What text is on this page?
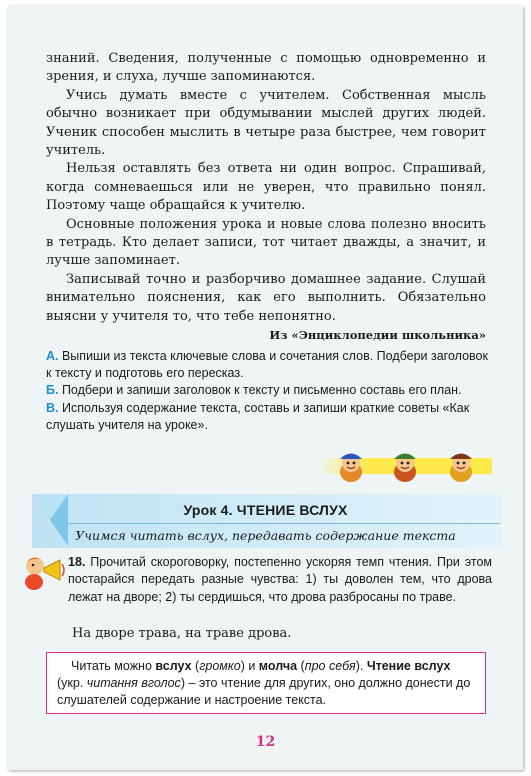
знаний. Сведения, полученные с помощью одновременно и зрения, и слуха, лучше запоминаются.

Учись думать вместе с учителем. Собственная мысль обычно возникает при обдумывании мыслей других людей. Ученик способен мыслить в четыре раза быстрее, чем говорит учитель.

Нельзя оставлять без ответа ни один вопрос. Спрашивай, когда сомневаешься или не уверен, что правильно понял. Поэтому чаще обращайся к учителю.

Основные положения урока и новые слова полезно вносить в тетрадь. Кто делает записи, тот читает дважды, а значит, и лучше запоминает.

Записывай точно и разборчиво домашнее задание. Слушай внимательно пояснения, как его выполнить. Обязательно выясни у учителя то, что тебе непонятно.

Из «Энциклопедии школьника»

А. Выпиши из текста ключевые слова и сочетания слов. Подбери заголовок к тексту и подготовь его пересказ.

Б. Подбери и запиши заголовок к тексту и письменно составь его план.

В. Используя содержание текста, составь и запиши краткие советы «Как слушать учителя на уроке».

Урок 4. ЧТЕНИЕ ВСЛУХ
Учимся читать вслух, передавать содержание текста

18. Прочитай скороговорку, постепенно ускоряя темп чтения. При этом постарайся передать разные чувства: 1) ты доволен тем, что дрова лежат на дворе; 2) ты сердишься, что дрова разбросаны по траве.

На дворе трава, на траве дрова.

Читать можно вслух (громко) и молча (про себя). Чтение вслух (укр. читання вголос) – это чтение для других, оно должно донести до слушателей содержание и настроение текста.

12
